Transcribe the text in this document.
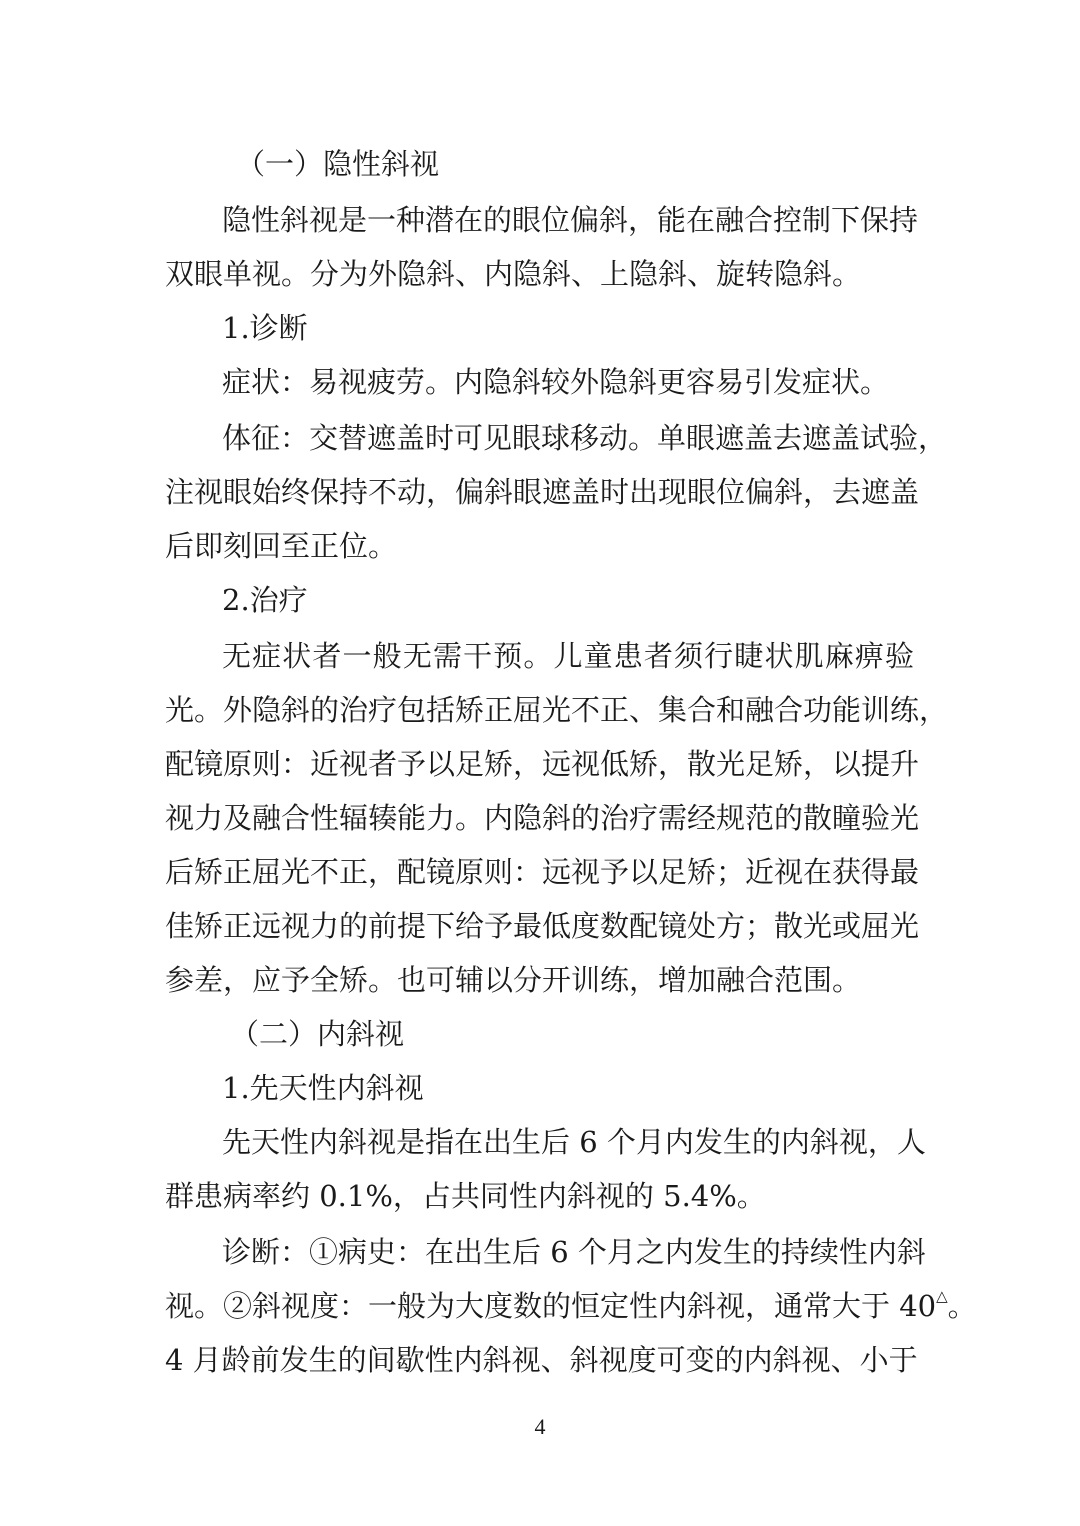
（一）隐性斜视
隐性斜视是一种潜在的眼位偏斜，能在融合控制下保持
双眼单视。分为外隐斜、内隐斜、上隐斜、旋转隐斜。
1.诊断
症状：易视疲劳。内隐斜较外隐斜更容易引发症状。
体征：交替遮盖时可见眼球移动。单眼遮盖去遮盖试验，
注视眼始终保持不动，偏斜眼遮盖时出现眼位偏斜，去遮盖
后即刻回至正位。
2.治疗
无症状者一般无需干预。儿童患者须行睫状肌麻痹验
光。外隐斜的治疗包括矫正屈光不正、集合和融合功能训练，
配镜原则：近视者予以足矫，远视低矫，散光足矫，以提升
视力及融合性辐辏能力。内隐斜的治疗需经规范的散瞳验光
后矫正屈光不正，配镜原则：远视予以足矫；近视在获得最
佳矫正远视力的前提下给予最低度数配镜处方；散光或屈光
参差，应予全矫。也可辅以分开训练，增加融合范围。
（二）内斜视
1.先天性内斜视
先天性内斜视是指在出生后 6 个月内发生的内斜视，人
群患病率约 0.1%，占共同性内斜视的 5.4%。
诊断：①病史：在出生后 6 个月之内发生的持续性内斜
视。②斜视度：一般为大度数的恒定性内斜视，通常大于 40△。
4 月龄前发生的间歇性内斜视、斜视度可变的内斜视、小于
4
